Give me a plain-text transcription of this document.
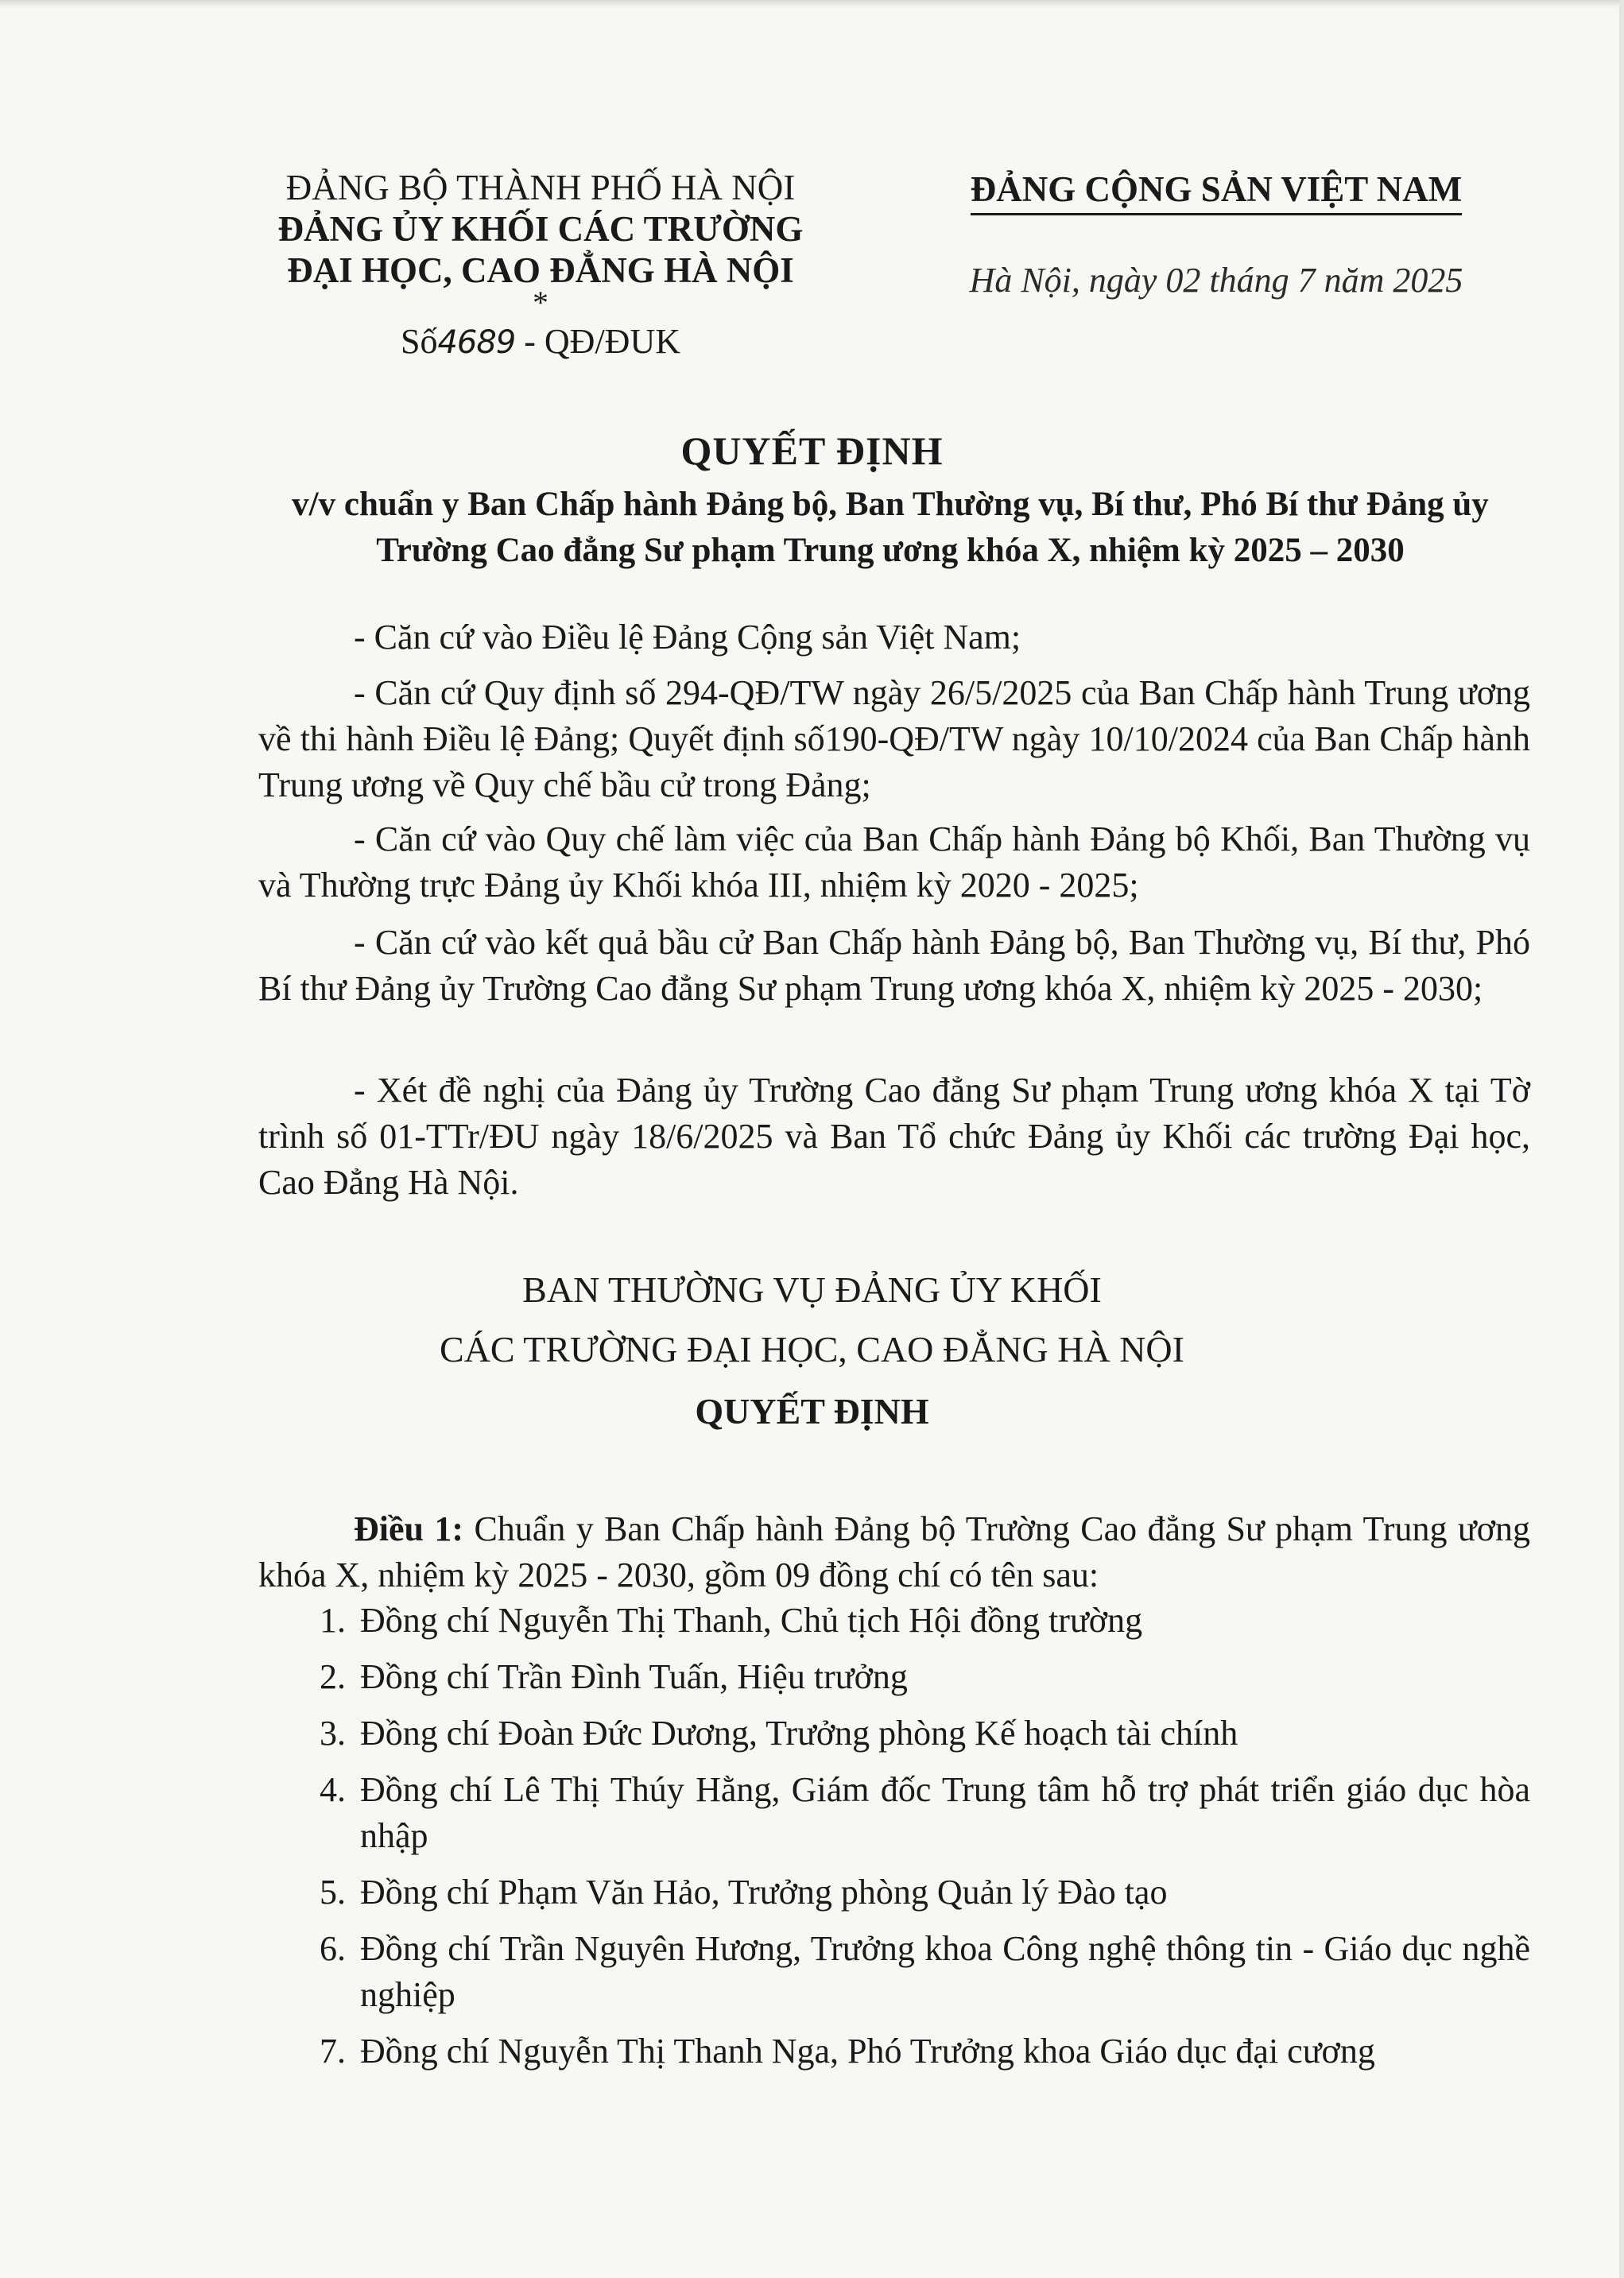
ĐẢNG BỘ THÀNH PHỐ HÀ NỘI
ĐẢNG ỦY KHỐI CÁC TRƯỜNG
ĐẠI HỌC, CAO ĐẲNG HÀ NỘI
*
Số4689 - QĐ/ĐUK
ĐẢNG CỘNG SẢN VIỆT NAM
Hà Nội, ngày 02 tháng 7 năm 2025
QUYẾT ĐỊNH
v/v chuẩn y Ban Chấp hành Đảng bộ, Ban Thường vụ, Bí thư, Phó Bí thư Đảng ủy
Trường Cao đẳng Sư phạm Trung ương khóa X, nhiệm kỳ 2025 – 2030
- Căn cứ vào Điều lệ Đảng Cộng sản Việt Nam;
- Căn cứ Quy định số 294-QĐ/TW ngày 26/5/2025 của Ban Chấp hành Trung ương về thi hành Điều lệ Đảng; Quyết định số190-QĐ/TW ngày 10/10/2024 của Ban Chấp hành Trung ương về Quy chế bầu cử trong Đảng;
- Căn cứ vào Quy chế làm việc của Ban Chấp hành Đảng bộ Khối, Ban Thường vụ và Thường trực Đảng ủy Khối khóa III, nhiệm kỳ 2020 - 2025;
- Căn cứ vào kết quả bầu cử Ban Chấp hành Đảng bộ, Ban Thường vụ, Bí thư, Phó Bí thư Đảng ủy Trường Cao đẳng Sư phạm Trung ương khóa X, nhiệm kỳ 2025 - 2030;
- Xét đề nghị của Đảng ủy Trường Cao đẳng Sư phạm Trung ương khóa X tại Tờ trình số 01-TTr/ĐU ngày 18/6/2025 và Ban Tổ chức Đảng ủy Khối các trường Đại học, Cao Đẳng Hà Nội.
BAN THƯỜNG VỤ ĐẢNG ỦY KHỐI
CÁC TRƯỜNG ĐẠI HỌC, CAO ĐẲNG HÀ NỘI
QUYẾT ĐỊNH
Điều 1: Chuẩn y Ban Chấp hành Đảng bộ Trường Cao đẳng Sư phạm Trung ương khóa X, nhiệm kỳ 2025 - 2030, gồm 09 đồng chí có tên sau:
1. Đồng chí Nguyễn Thị Thanh, Chủ tịch Hội đồng trường
2. Đồng chí Trần Đình Tuấn, Hiệu trưởng
3. Đồng chí Đoàn Đức Dương, Trưởng phòng Kế hoạch tài chính
4. Đồng chí Lê Thị Thúy Hằng, Giám đốc Trung tâm hỗ trợ phát triển giáo dục hòa nhập
5. Đồng chí Phạm Văn Hảo, Trưởng phòng Quản lý Đào tạo
6. Đồng chí Trần Nguyên Hương, Trưởng khoa Công nghệ thông tin - Giáo dục nghề nghiệp
7. Đồng chí Nguyễn Thị Thanh Nga, Phó Trưởng khoa Giáo dục đại cương
